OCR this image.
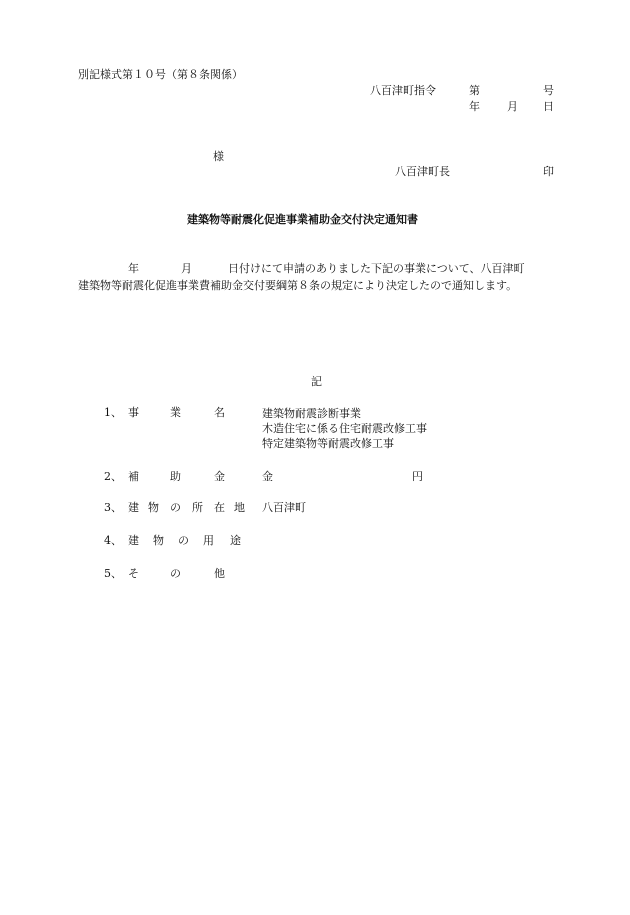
別記様式第１０号（第８条関係）
八百津町指令	第	号
年 月 日
様
八百津町長	印
建築物等耐震化促進事業補助金交付決定通知書
年	月	日付けにて申請のありました下記の事業について、八百津町
建築物等耐震化促進事業費補助金交付要綱第８条の規定により決定したので通知します。
記
1、 事	業	名	建築物耐震診断事業
木造住宅に係る住宅耐震改修工事
特定建築物等耐震改修工事
2、 補	助	金	金	円
3、 建 物 の 所 在 地 八百津町
4、 建 物 の 用 途
5、 そ	の	他
